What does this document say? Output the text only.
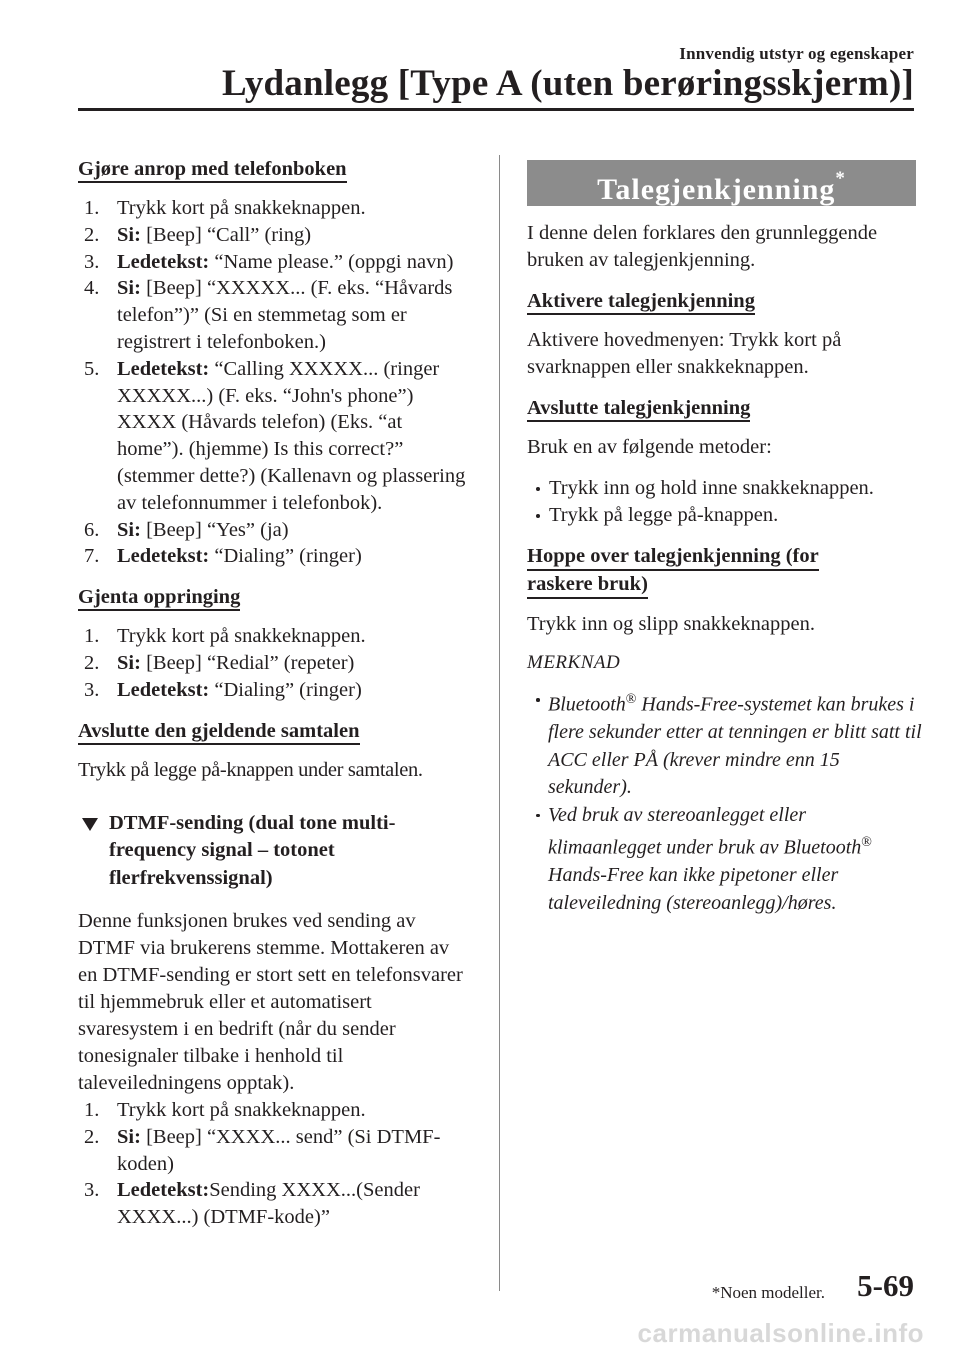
Innvendig utstyr og egenskaper
Lydanlegg [Type A (uten berøringsskjerm)]
Gjøre anrop med telefonboken
1. Trykk kort på snakkeknappen.
2. Si: [Beep] “Call” (ring)
3. Ledetekst: “Name please.” (oppgi navn)
4. Si: [Beep] “XXXXX... (F. eks. “Håvards telefon”)” (Si en stemmetag som er registrert i telefonboken.)
5. Ledetekst: “Calling XXXXX... (ringer XXXXX...) (F. eks. “John's phone”) XXXX (Håvards telefon) (Eks. “at home”). (hjemme) Is this correct?” (stemmer dette?) (Kallenavn og plassering av telefonnummer i telefonbok).
6. Si: [Beep] “Yes” (ja)
7. Ledetekst: “Dialing” (ringer)
Gjenta oppringing
1. Trykk kort på snakkeknappen.
2. Si: [Beep] “Redial” (repeter)
3. Ledetekst: “Dialing” (ringer)
Avslutte den gjeldende samtalen

Trykk på legge på-knappen under samtalen.

DTMF-sending (dual tone multi-frequency signal – totonet flerfrekvenssignal)

Denne funksjonen brukes ved sending av DTMF via brukerens stemme. Mottakeren av en DTMF-sending er stort sett en telefonsvarer til hjemmebruk eller et automatisert svaresystem i en bedrift (når du sender tonesignaler tilbake i henhold til taleveiledningens opptak).

1. Trykk kort på snakkeknappen.
2. Si: [Beep] “XXXX... send” (Si DTMF-koden)
3. Ledetekst:Sending XXXX...(Sender XXXX...) (DTMF-kode)”
Talegjenkjenning*

I denne delen forklares den grunnleggende bruken av talegjenkjenning.

Aktivere talegjenkjenning

Aktivere hovedmenyen: Trykk kort på svarknappen eller snakkeknappen.

Avslutte talegjenkjenning

Bruk en av følgende metoder:

Trykk inn og hold inne snakkeknappen.
Trykk på legge på-knappen.
Hoppe over talegjenkjenning (for
raskere bruk)

Trykk inn og slipp snakkeknappen.

MERKNAD
Bluetooth® Hands-Free-systemet kan brukes i flere sekunder etter at tenningen er blitt satt til ACC eller PÅ (krever mindre enn 15 sekunder).
Ved bruk av stereoanlegget eller klimaanlegget under bruk av Bluetooth® Hands-Free kan ikke pipetoner eller taleveiledning (stereoanlegg)/høres.
*Noen modeller. 5-69
carmanualsonline.info
